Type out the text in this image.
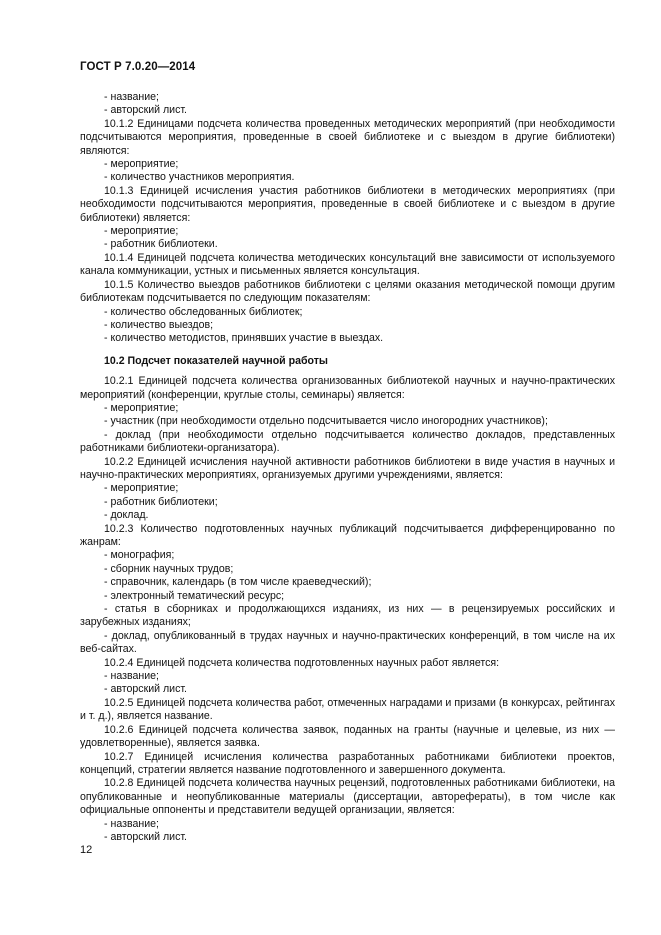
ГОСТ Р 7.0.20—2014

- название;

- авторский лист.

10.1.2 Единицами подсчета количества проведенных методических мероприятий (при необходимости подсчитываются мероприятия, проведенные в своей библиотеке и с выездом в другие библиотеки) являются:

- мероприятие;

- количество участников мероприятия.

10.1.3 Единицей исчисления участия работников библиотеки в методических мероприятиях (при необходимости подсчитываются мероприятия, проведенные в своей библиотеке и с выездом в другие библиотеки) является:

- мероприятие;

- работник библиотеки.

10.1.4 Единицей подсчета количества методических консультаций вне зависимости от используемого канала коммуникации, устных и письменных является консультация.

10.1.5 Количество выездов работников библиотеки с целями оказания методической помощи другим библиотекам подсчитывается по следующим показателям:

- количество обследованных библиотек;

- количество выездов;

- количество методистов, принявших участие в выездах.

10.2 Подсчет показателей научной работы

10.2.1 Единицей подсчета количества организованных библиотекой научных и научно-практических мероприятий (конференции, круглые столы, семинары) является:

- мероприятие;

- участник (при необходимости отдельно подсчитывается число иногородних участников);

- доклад (при необходимости отдельно подсчитывается количество докладов, представленных работниками библиотеки-организатора).

10.2.2 Единицей исчисления научной активности работников библиотеки в виде участия в научных и научно-практических мероприятиях, организуемых другими учреждениями, является:

- мероприятие;

- работник библиотеки;

- доклад.

10.2.3 Количество подготовленных научных публикаций подсчитывается дифференцированно по жанрам:

- монография;

- сборник научных трудов;

- справочник, календарь (в том числе краеведческий);

- электронный тематический ресурс;

- статья в сборниках и продолжающихся изданиях, из них — в рецензируемых российских и зарубежных изданиях;

- доклад, опубликованный в трудах научных и научно-практических конференций, в том числе на их веб-сайтах.

10.2.4 Единицей подсчета количества подготовленных научных работ является:

- название;

- авторский лист.

10.2.5 Единицей подсчета количества работ, отмеченных наградами и призами (в конкурсах, рейтингах и т. д.), является название.

10.2.6 Единицей подсчета количества заявок, поданных на гранты (научные и целевые, из них — удовлетворенные), является заявка.

10.2.7 Единицей исчисления количества разработанных работниками библиотеки проектов, концепций, стратегии является название подготовленного и завершенного документа.

10.2.8 Единицей подсчета количества научных рецензий, подготовленных работниками библиотеки, на опубликованные и неопубликованные материалы (диссертации, авторефераты), в том числе как официальные оппоненты и представители ведущей организации, является:

- название;

- авторский лист.

12
